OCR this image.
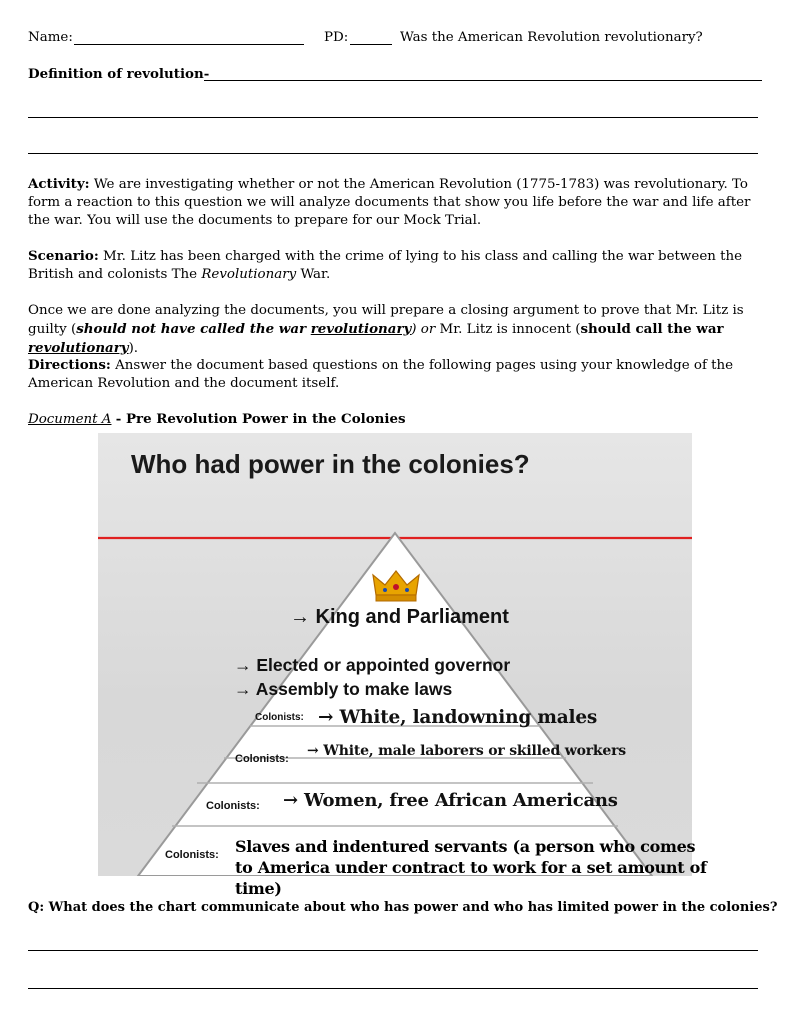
Name:	PD:	Was the American Revolution revolutionary?
Definition of revolution-
Activity: We are investigating whether or not the American Revolution (1775-1783) was revolutionary. To form a reaction to this question we will analyze documents that show you life before the war and life after the war. You will use the documents to prepare for our Mock Trial.
Scenario: Mr. Litz has been charged with the crime of lying to his class and calling the war between the British and colonists The Revolutionary War.
Once we are done analyzing the documents, you will prepare a closing argument to prove that Mr. Litz is guilty (should not have called the war revolutionary) or Mr. Litz is innocent (should call the war revolutionary).
Directions: Answer the document based questions on the following pages using your knowledge of the American Revolution and the document itself.
Document A - Pre Revolution Power in the Colonies
Who had power in the colonies?
→ King and Parliament
→ Elected or appointed governor
→ Assembly to make laws
Colonists: → White, landowning males
Colonists: → White, male laborers or skilled workers
Colonists: → Women, free African Americans
Colonists: Slaves and indentured servants (a person who comes to America under contract to work for a set amount of time)
Q: What does the chart communicate about who has power and who has limited power in the colonies?
